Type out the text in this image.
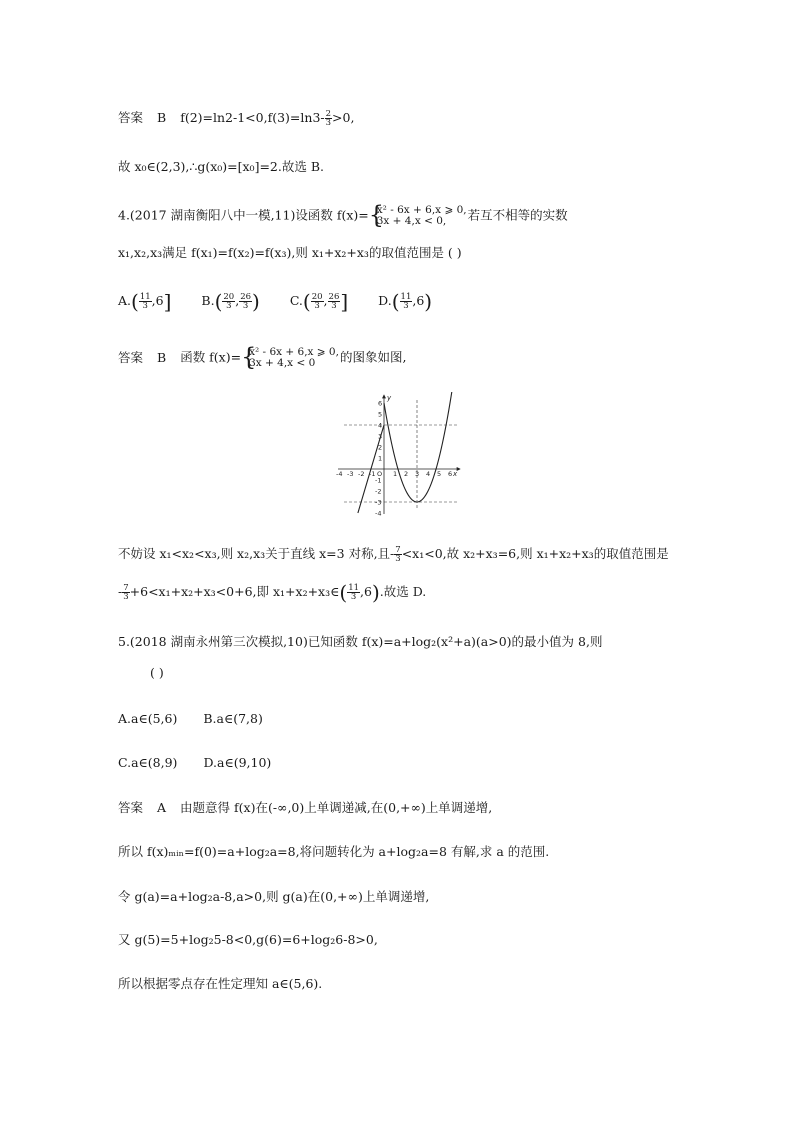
答案 B $f(2)=\ln 2-1<0,f(3)=\ln 3- \frac{2}{3} >0$,
故 x₀∈(2,3),∴g(x₀)=[x₀]=2.故选 B.
4.(2017 湖南衡阳八中一模,11)设函数 f(x)= { x² - 6x + 6,x ⩾ 0,
3x + 4,x < 0,	若互不相等的实数
x₁,x₂,x₃满足 f(x₁)=f(x₂)=f(x₃),则 x₁+x₂+x₃的取值范围是 ( )
$A.( \frac{11}{3} ,6]$ $B.( \frac{20}{3}$ , $\frac{26}{3}$ ) $C.( \frac{20}{3}$ , $\frac{26}{3}$ ] $D.( \frac{11}{3} ,6)$
答案 B 函数 f(x)= { x² - 6x + 6,x ⩾ 0,
3x + 4,x < 0	的图象如图,
-4 -3 -2 -1 O 1 2 3 4 5 6
6
5
4
3
2
1
-1
-2
-3
-4
x
y
不妨设 x₁<x₂<x₃,则 x₂,x₃关于直线 x=3 对称,且- $\frac{7}{3} <x_1<0$,故 x₂+x₃=6,则 x₁+x₂+x₃的取值范围是
- $\frac{7}{3} +6<x_1+x_2+x_3<0+6$,即 x₁+x₂+x₃∈( $\frac{11}{3} ,6$).故选 D.
5.(2018 湖南永州第三次模拟,10)已知函数 f(x)=a+log₂(x²+a)(a>0)的最小值为 8,则
( )
A.a∈(5,6) B.a∈(7,8)
C.a∈(8,9) D.a∈(9,10)
答案 A 由题意得 f(x)在(-∞,0)上单调递减,在(0,+∞)上单调递增,
所以 f(x)ₘᵢₙ=f(0)=a+log₂a=8,将问题转化为 a+log₂a=8 有解,求 a 的范围.
令 g(a)=a+log₂a-8,a>0,则 g(a)在(0,+∞)上单调递增,
又 g(5)=5+log₂5-8<0,g(6)=6+log₂6-8>0,
所以根据零点存在性定理知 a∈(5,6).
